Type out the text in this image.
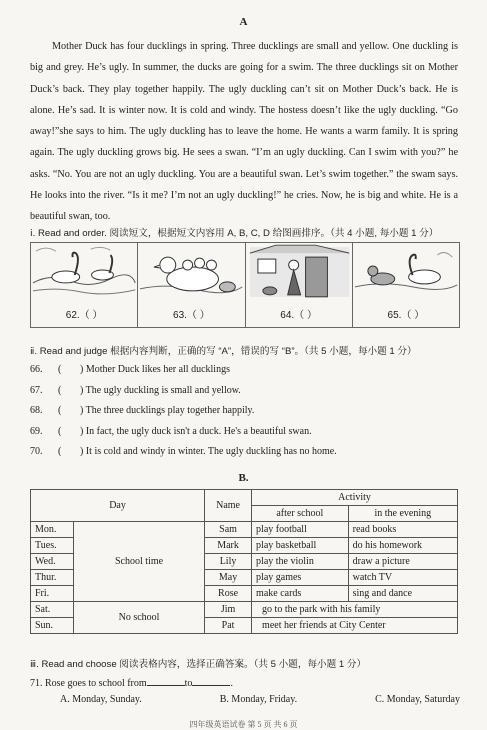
A

Mother Duck has four ducklings in spring. Three ducklings are small and yellow. One duckling is big and grey. He’s ugly. In summer, the ducks are going for a swim. The three ducklings sit on Mother Duck’s back. They play together happily. The ugly duckling can’t sit on Mother Duck’s back. He is alone. He’s sad. It is winter now. It is cold and windy. The hostess doesn’t like the ugly duckling. “Go away!”she says to him. The ugly duckling has to leave the home. He wants a warm family. It is spring again. The ugly duckling grows big. He sees a swan. “I’m an ugly duckling. Can I swim with you?” he asks. “No. You are not an ugly duckling. You are a beautiful swan. Let’s swim together.” the swam says. He looks into the river. “Is it me? I’m not an ugly duckling!” he cries. Now, he is big and white. He is a beautiful swan, too.

ⅰ. Read and order. 阅读短文，根据短文内容用 A, B, C, D 给图画排序。（共 4 小题, 每小题 1 分）
62.（ ）	63.（ ）	64.（ ）	65.（ ）
ⅱ. Read and judge 根据内容判断，正确的写 “A”，错误的写 “B”。（共 5 小题，每小题 1 分）
66. ( ) Mother Duck likes her all ducklings
67. ( ) The ugly duckling is small and yellow.
68. ( ) The three ducklings play together happily.
69. ( ) In fact, the ugly duck isn't a duck. He's a beautiful swan.
70. ( ) It is cold and windy in winter. The ugly duckling has no home.
B.
Day		Name	Activity	
			after school	in the evening
Mon.	School time	Sam	play football	read books
Tues.		Mark	play basketball	do his homework
Wed.		Lily	play the violin	draw a picture
Thur.		May	play games	watch TV
Fri.		Rose	make cards	sing and dance
Sat.	No school	Jim	go to the park with his family	
Sun.		Pat	meet her friends at City Center	
ⅲ. Read and choose 阅读表格内容，选择正确答案。（共 5 小题，每小题 1 分）
71. Rose goes to school from	to	.
A. Monday, Sunday.	B. Monday, Friday.	C. Monday, Saturday
四年级英语试卷 第 5 页 共 6 页
